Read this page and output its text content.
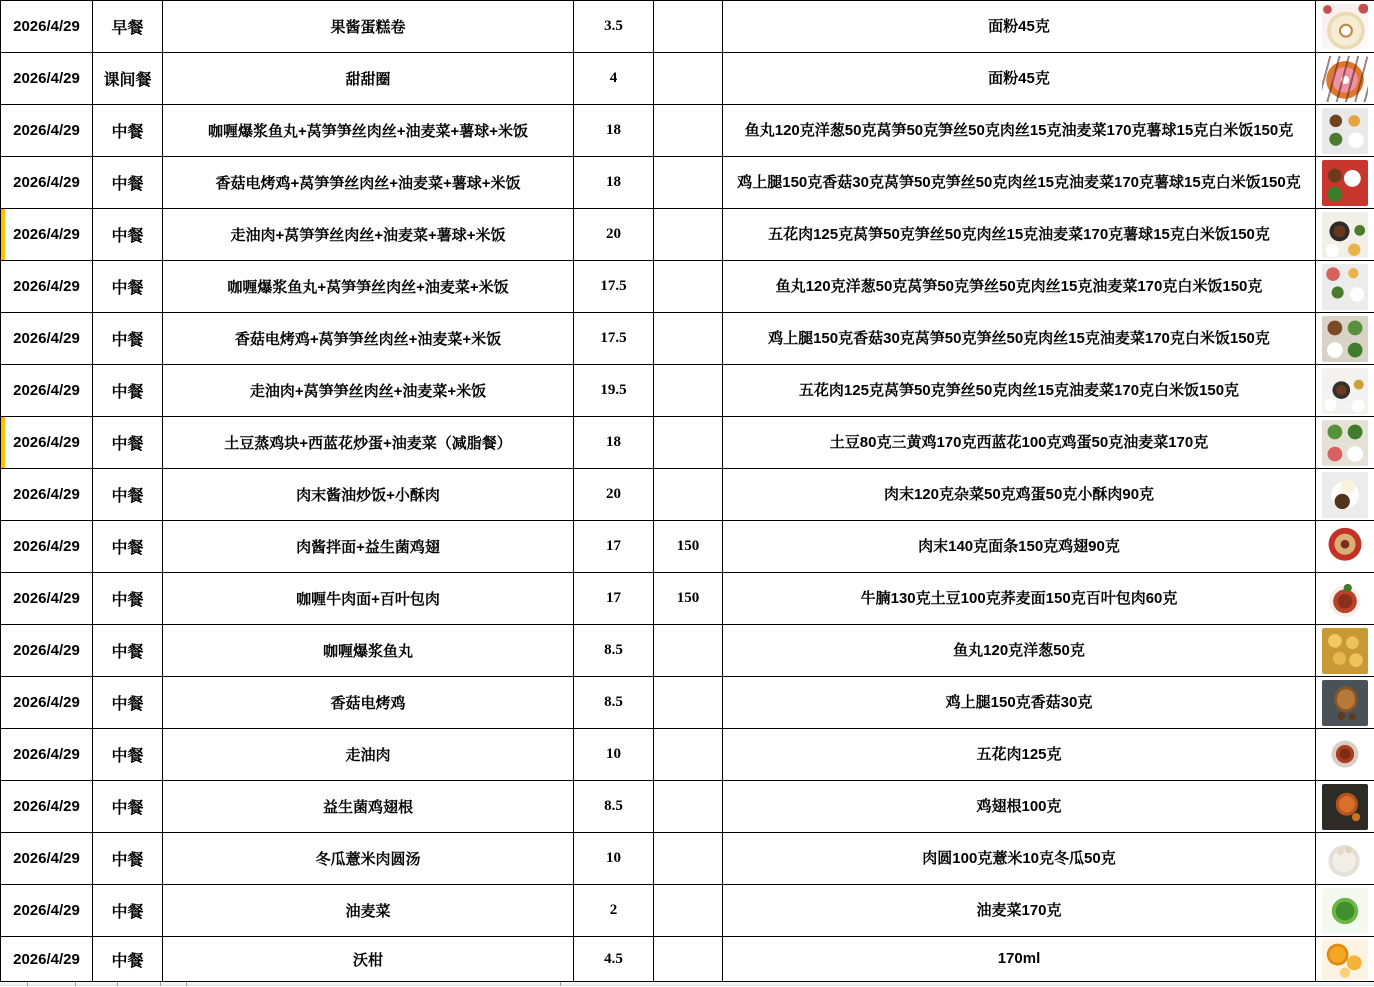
2026/4/29	早餐	果酱蛋糕卷	3.5		面粉45克	

2026/4/29	课间餐	甜甜圈	4		面粉45克	

2026/4/29	中餐	咖喱爆浆鱼丸+莴笋笋丝肉丝+油麦菜+薯球+米饭	18		鱼丸120克洋葱50克莴笋50克笋丝50克肉丝15克油麦菜170克薯球15克白米饭150克	

2026/4/29	中餐	香菇电烤鸡+莴笋笋丝肉丝+油麦菜+薯球+米饭	18		鸡上腿150克香菇30克莴笋50克笋丝50克肉丝15克油麦菜170克薯球15克白米饭150克	

2026/4/29	中餐	走油肉+莴笋笋丝肉丝+油麦菜+薯球+米饭	20		五花肉125克莴笋50克笋丝50克肉丝15克油麦菜170克薯球15克白米饭150克	

2026/4/29	中餐	咖喱爆浆鱼丸+莴笋笋丝肉丝+油麦菜+米饭	17.5		鱼丸120克洋葱50克莴笋50克笋丝50克肉丝15克油麦菜170克白米饭150克	

2026/4/29	中餐	香菇电烤鸡+莴笋笋丝肉丝+油麦菜+米饭	17.5		鸡上腿150克香菇30克莴笋50克笋丝50克肉丝15克油麦菜170克白米饭150克	

2026/4/29	中餐	走油肉+莴笋笋丝肉丝+油麦菜+米饭	19.5		五花肉125克莴笋50克笋丝50克肉丝15克油麦菜170克白米饭150克	

2026/4/29	中餐	土豆蒸鸡块+西蓝花炒蛋+油麦菜（减脂餐）	18		土豆80克三黄鸡170克西蓝花100克鸡蛋50克油麦菜170克	

2026/4/29	中餐	肉末酱油炒饭+小酥肉	20		肉末120克杂菜50克鸡蛋50克小酥肉90克	

2026/4/29	中餐	肉酱拌面+益生菌鸡翅	17	150	肉末140克面条150克鸡翅90克	

2026/4/29	中餐	咖喱牛肉面+百叶包肉	17	150	牛腩130克土豆100克荞麦面150克百叶包肉60克	

2026/4/29	中餐	咖喱爆浆鱼丸	8.5		鱼丸120克洋葱50克	

2026/4/29	中餐	香菇电烤鸡	8.5		鸡上腿150克香菇30克	

2026/4/29	中餐	走油肉	10		五花肉125克	

2026/4/29	中餐	益生菌鸡翅根	8.5		鸡翅根100克	

2026/4/29	中餐	冬瓜薏米肉圆汤	10		肉圆100克薏米10克冬瓜50克	

2026/4/29	中餐	油麦菜	2		油麦菜170克	

2026/4/29	中餐	沃柑	4.5		170ml	
